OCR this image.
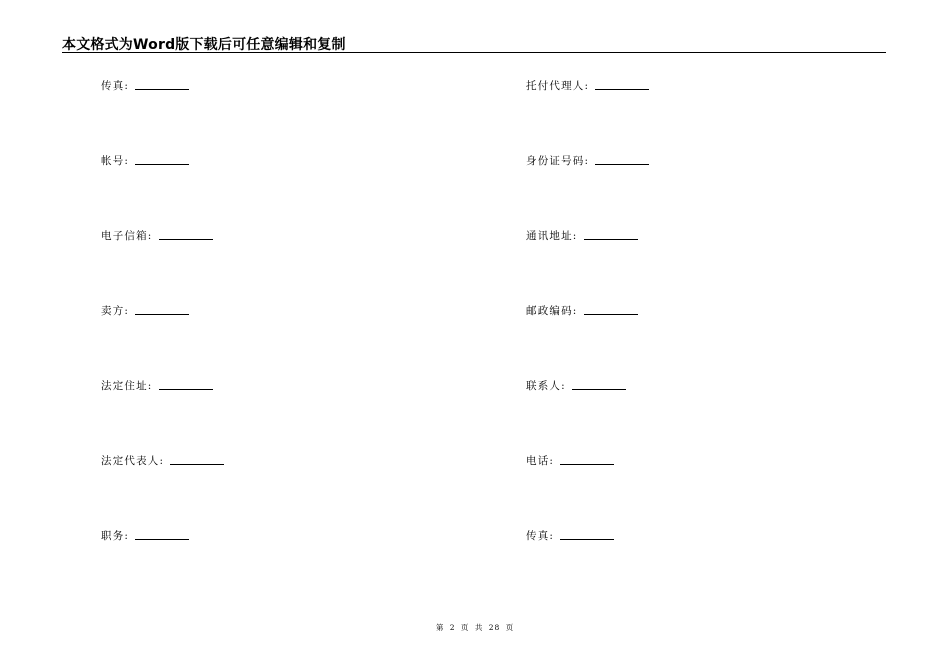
本文格式为Word版下载后可任意编辑和复制
传真:
帐号:
电子信箱:
卖方:
法定住址:
法定代表人:
职务:
托付代理人:
身份证号码:
通讯地址:
邮政编码:
联系人:
电话:
传真:
第 2 页 共 28 页
